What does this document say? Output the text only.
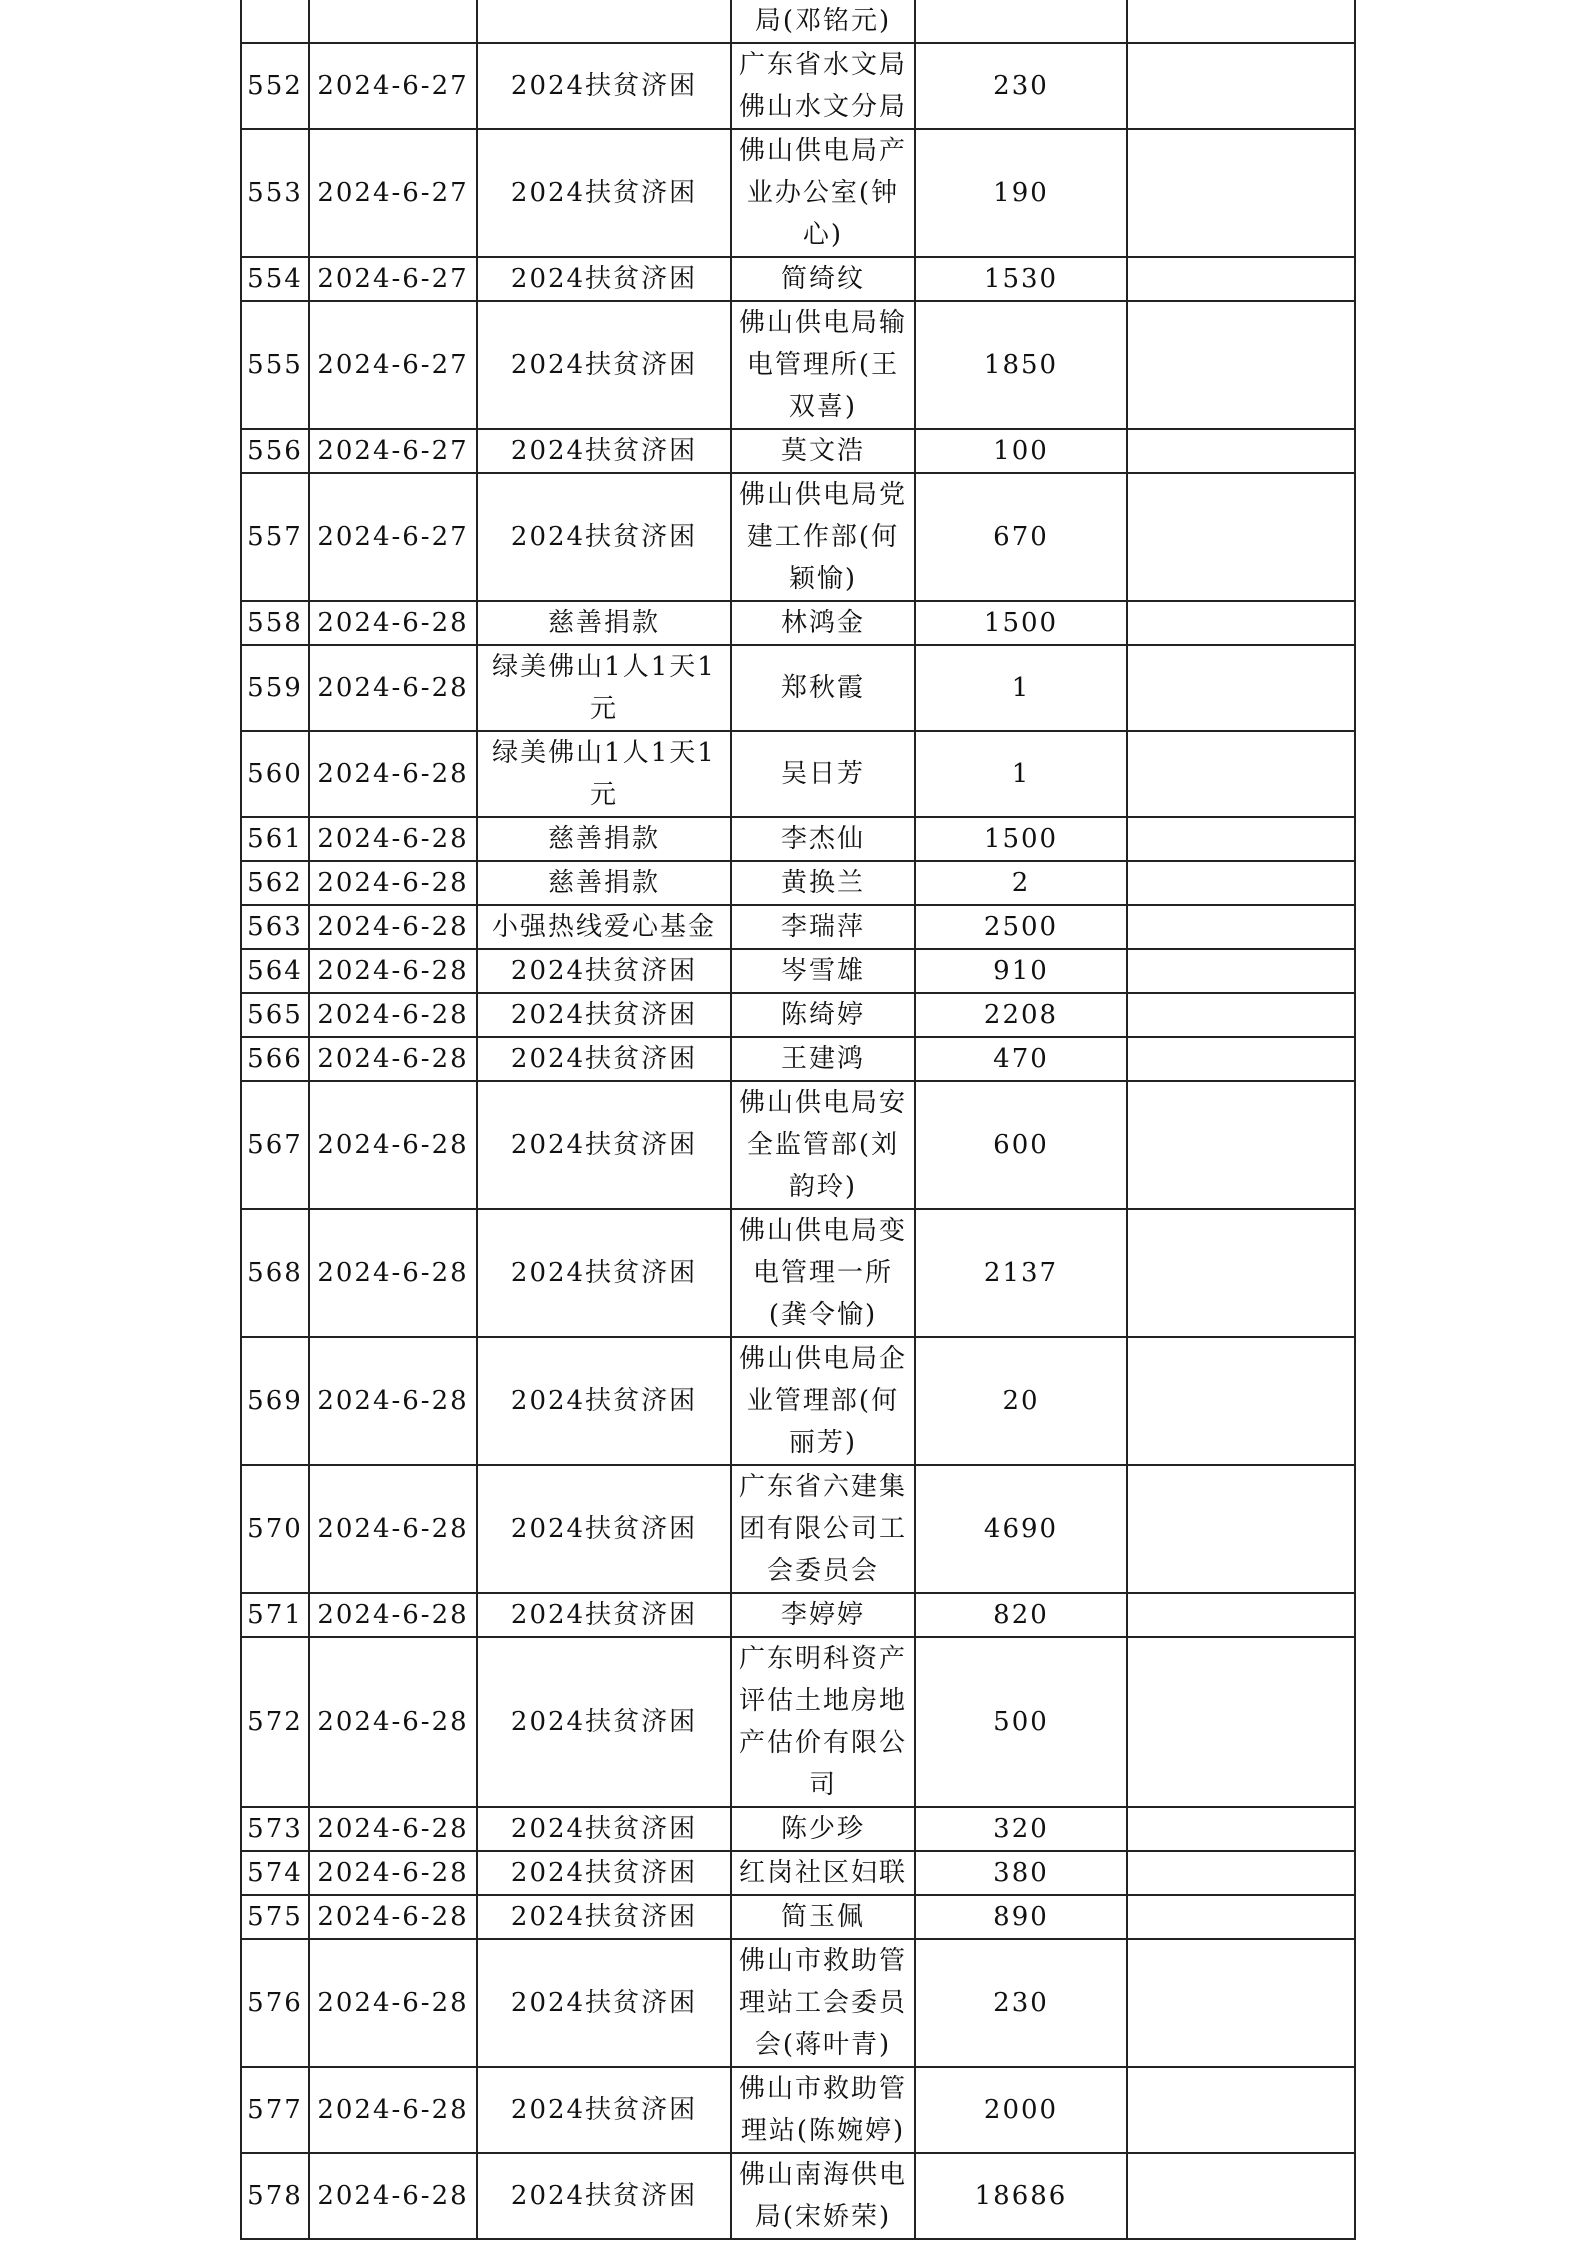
			局(邓铭元)		
552	2024-6-27	2024扶贫济困	广东省水文局佛山水文分局	230	
553	2024-6-27	2024扶贫济困	佛山供电局产业办公室(钟心)	190	
554	2024-6-27	2024扶贫济困	简绮纹	1530	
555	2024-6-27	2024扶贫济困	佛山供电局输电管理所(王双喜)	1850	
556	2024-6-27	2024扶贫济困	莫文浩	100	
557	2024-6-27	2024扶贫济困	佛山供电局党建工作部(何颖愉)	670	
558	2024-6-28	慈善捐款	林鸿金	1500	
559	2024-6-28	绿美佛山1人1天1元	郑秋霞	1	
560	2024-6-28	绿美佛山1人1天1元	吴日芳	1	
561	2024-6-28	慈善捐款	李杰仙	1500	
562	2024-6-28	慈善捐款	黄换兰	2	
563	2024-6-28	小强热线爱心基金	李瑞萍	2500	
564	2024-6-28	2024扶贫济困	岑雪雄	910	
565	2024-6-28	2024扶贫济困	陈绮婷	2208	
566	2024-6-28	2024扶贫济困	王建鸿	470	
567	2024-6-28	2024扶贫济困	佛山供电局安全监管部(刘韵玲)	600	
568	2024-6-28	2024扶贫济困	佛山供电局变电管理一所(龚令愉)	2137	
569	2024-6-28	2024扶贫济困	佛山供电局企业管理部(何丽芳)	20	
570	2024-6-28	2024扶贫济困	广东省六建集团有限公司工会委员会	4690	
571	2024-6-28	2024扶贫济困	李婷婷	820	
572	2024-6-28	2024扶贫济困	广东明科资产评估土地房地产估价有限公司	500	
573	2024-6-28	2024扶贫济困	陈少珍	320	
574	2024-6-28	2024扶贫济困	红岗社区妇联	380	
575	2024-6-28	2024扶贫济困	简玉佩	890	
576	2024-6-28	2024扶贫济困	佛山市救助管理站工会委员会(蒋叶青)	230	
577	2024-6-28	2024扶贫济困	佛山市救助管理站(陈婉婷)	2000	
578	2024-6-28	2024扶贫济困	佛山南海供电局(宋娇荣)	18686	
